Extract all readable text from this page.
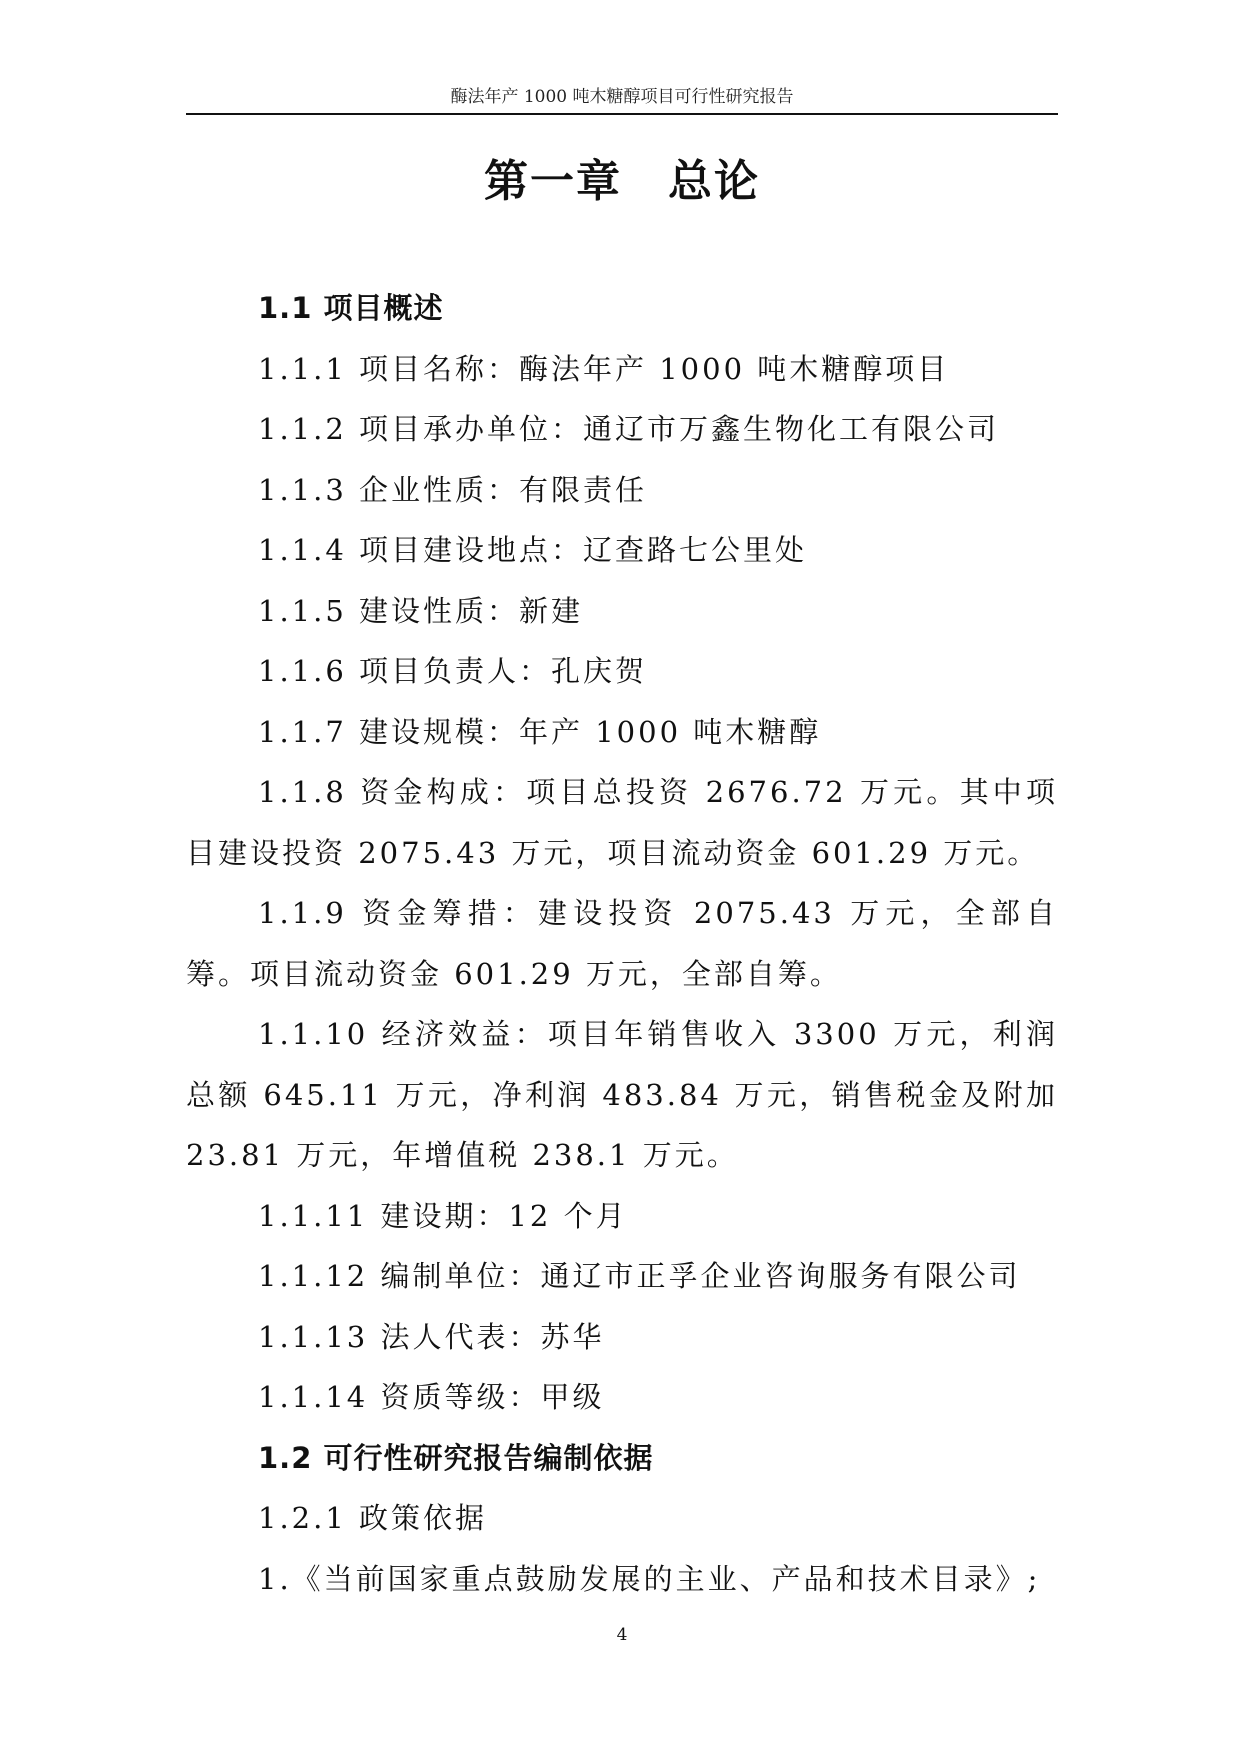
酶法年产 1000 吨木糖醇项目可行性研究报告
第一章　总论

1.1 项目概述

1.1.1 项目名称：酶法年产 1000 吨木糖醇项目

1.1.2 项目承办单位：通辽市万鑫生物化工有限公司

1.1.3 企业性质：有限责任

1.1.4 项目建设地点：辽查路七公里处

1.1.5 建设性质：新建

1.1.6 项目负责人：孔庆贺

1.1.7 建设规模：年产 1000 吨木糖醇

1.1.8 资金构成：项目总投资 2676.72 万元。其中项目建设投资 2075.43 万元，项目流动资金 601.29 万元。

1.1.9 资金筹措：建设投资 2075.43 万元，全部自筹。项目流动资金 601.29 万元，全部自筹。

1.1.10 经济效益：项目年销售收入 3300 万元，利润总额 645.11 万元，净利润 483.84 万元，销售税金及附加 23.81 万元，年增值税 238.1 万元。

1.1.11 建设期：12 个月

1.1.12 编制单位：通辽市正孚企业咨询服务有限公司

1.1.13 法人代表：苏华

1.1.14 资质等级：甲级

1.2 可行性研究报告编制依据

1.2.1 政策依据

1.《当前国家重点鼓励发展的主业、产品和技术目录》;

4
